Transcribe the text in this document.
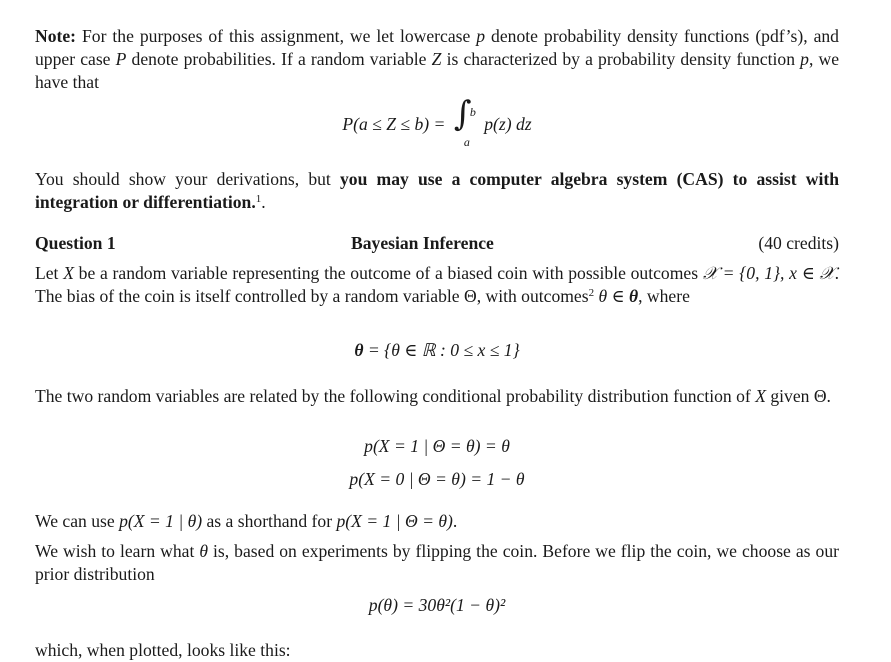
Note: For the purposes of this assignment, we let lowercase p denote probability density functions (pdf’s), and upper case P denote probabilities. If a random variable Z is characterized by a probability density function p, we have that

P(a ≤ Z ≤ b) = ∫
b
a
p(z) dz

You should show your derivations, but you may use a computer algebra system (CAS) to assist with integration or differentiation.$^1$.

Question 1	Bayesian Inference	(40 credits)

Let X be a random variable representing the outcome of a biased coin with possible outcomes 𝒳 = {0, 1}, x ∈ 𝒳. The bias of the coin is itself controlled by a random variable Θ, with outcomes$^2$ θ ∈ θ, where

θ = {θ ∈ ℝ : 0 ≤ x ≤ 1}

The two random variables are related by the following conditional probability distribution function of X given Θ.

p(X = 1 | Θ = θ) = θ
p(X = 0 | Θ = θ) = 1 − θ

We can use p(X = 1 | θ) as a shorthand for p(X = 1 | Θ = θ).

We wish to learn what θ is, based on experiments by flipping the coin. Before we flip the coin, we choose as our prior distribution

p(θ) = 30θ²(1 − θ)²

which, when plotted, looks like this:
